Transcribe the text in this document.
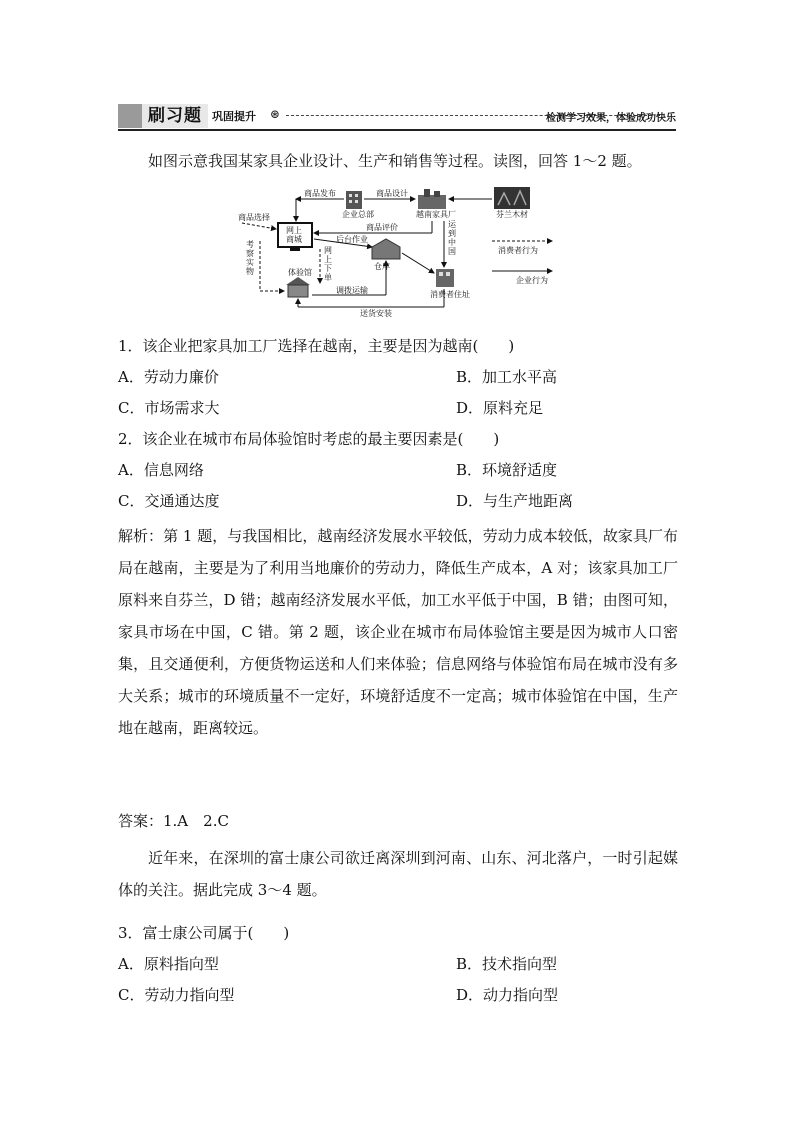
刷习题 巩固提升 ⊛	检测学习效果，体验成功快乐
如图示意我国某家具企业设计、生产和销售等过程。读图，回答 1～2 题。
企业总部	越南家具厂	芬兰木材
网上
商城
仓库
体验馆
消费者住址
商品发布	商品设计
商品选择
商品评价
后台作业
运到中国
考察实物
网上下单
调拨运输
送货安装
消费者行为
企业行为
1．该企业把家具加工厂选择在越南，主要是因为越南(　　)
A．劳动力廉价	B．加工水平高
C．市场需求大	D．原料充足
2．该企业在城市布局体验馆时考虑的最主要因素是(　　)
A．信息网络	B．环境舒适度
C．交通通达度	D．与生产地距离
解析：第 1 题，与我国相比，越南经济发展水平较低，劳动力成本较低，故家具厂布局在越南，主要是为了利用当地廉价的劳动力，降低生产成本，A 对；该家具加工厂原料来自芬兰，D 错；越南经济发展水平低，加工水平低于中国，B 错；由图可知，家具市场在中国，C 错。第 2 题，该企业在城市布局体验馆主要是因为城市人口密集，且交通便利，方便货物运送和人们来体验；信息网络与体验馆布局在城市没有多大关系；城市的环境质量不一定好，环境舒适度不一定高；城市体验馆在中国，生产地在越南，距离较远。
答案：1.A　2.C
近年来，在深圳的富士康公司欲迁离深圳到河南、山东、河北落户，一时引起媒体的关注。据此完成 3～4 题。
3．富士康公司属于(　　)
A．原料指向型	B．技术指向型
C．劳动力指向型	D．动力指向型
